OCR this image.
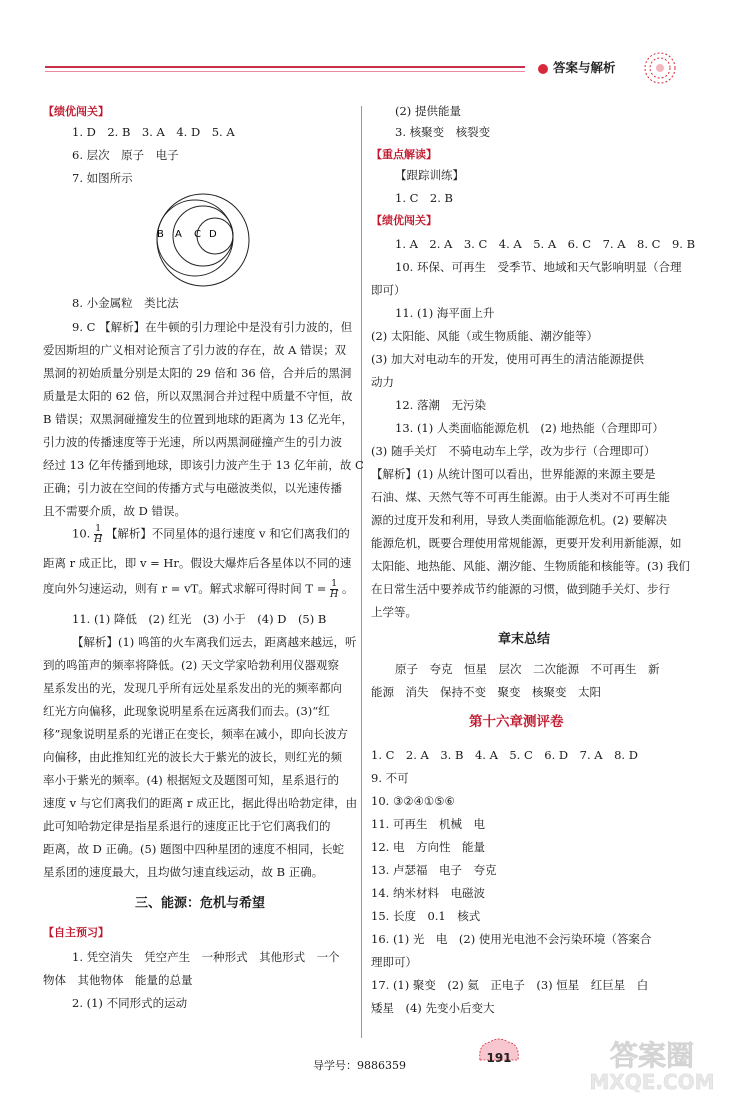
答案与解析
【绩优闯关】
1. D　2. B　3. A　4. D　5. A
6. 层次　原子　电子
7. 如图所示
B A C D
8. 小金属粒　类比法
9. C 【解析】在牛顿的引力理论中是没有引力波的，但
爱因斯坦的广义相对论预言了引力波的存在，故 A 错误；双
黑洞的初始质量分别是太阳的 29 倍和 36 倍，合并后的黑洞
质量是太阳的 62 倍，所以双黑洞合并过程中质量不守恒，故
B 错误；双黑洞碰撞发生的位置到地球的距离为 13 亿光年，
引力波的传播速度等于光速，所以两黑洞碰撞产生的引力波
经过 13 亿年传播到地球，即该引力波产生于 13 亿年前，故 C
正确；引力波在空间的传播方式与电磁波类似，以光速传播
且不需要介质，故 D 错误。
10. $\frac{1}{H}$ 【解析】不同星体的退行速度 v 和它们离我们的
距离 r 成正比，即 v = Hr。假设大爆炸后各星体以不同的速
度向外匀速运动，则有 r = vT。解式求解可得时间 $T = \frac{1}{H}$ 。
11. (1) 降低　(2) 红光　(3) 小于　(4) D　(5) B
【解析】(1) 鸣笛的火车离我们远去，距离越来越远，听
到的鸣笛声的频率将降低。(2) 天文学家哈勃利用仪器观察
星系发出的光，发现几乎所有远处星系发出的光的频率都向
红光方向偏移，此现象说明星系在远离我们而去。(3)“红
移”现象说明星系的光谱正在变长，频率在减小，即向长波方
向偏移，由此推知红光的波长大于紫光的波长，则红光的频
率小于紫光的频率。(4) 根据短文及题图可知，星系退行的
速度 v 与它们离我们的距离 r 成正比，据此得出哈勃定律，由
此可知哈勃定律是指星系退行的速度正比于它们离我们的
距离，故 D 正确。(5) 题图中四种星团的速度不相同，长蛇
星系团的速度最大，且均做匀速直线运动，故 B 正确。
三、能源：危机与希望
【自主预习】
1. 凭空消失　凭空产生　一种形式　其他形式　一个
物体　其他物体　能量的总量
2. (1) 不同形式的运动
(2) 提供能量
3. 核聚变　核裂变
【重点解读】
【跟踪训练】
1. C　2. B
【绩优闯关】
1. A　2. A　3. C　4. A　5. A　6. C　7. A　8. C　9. B
10. 环保、可再生　受季节、地域和天气影响明显（合理
即可）
11. (1) 海平面上升
(2) 太阳能、风能（或生物质能、潮汐能等）
(3) 加大对电动车的开发，使用可再生的清洁能源提供
动力
12. 落潮　无污染
13. (1) 人类面临能源危机　(2) 地热能（合理即可）
(3) 随手关灯　不骑电动车上学，改为步行（合理即可）
【解析】(1) 从统计图可以看出，世界能源的来源主要是
石油、煤、天然气等不可再生能源。由于人类对不可再生能
源的过度开发和利用，导致人类面临能源危机。(2) 要解决
能源危机，既要合理使用常规能源，更要开发利用新能源，如
太阳能、地热能、风能、潮汐能、生物质能和核能等。(3) 我们
在日常生活中要养成节约能源的习惯，做到随手关灯、步行
上学等。
章末总结
原子　夸克　恒星　层次　二次能源　不可再生　新
能源　消失　保持不变　聚变　核聚变　太阳
第十六章测评卷
1. C　2. A　3. B　4. A　5. C　6. D　7. A　8. D
9. 不可
10. ③②④①⑤⑥
11. 可再生　机械　电
12. 电　方向性　能量
13. 卢瑟福　电子　夸克
14. 纳米材料　电磁波
15. 长度　0.1　核式
16. (1) 光　电　(2) 使用光电池不会污染环境（答案合
理即可）
17. (1) 聚变　(2) 氦　正电子　(3) 恒星　红巨星　白
矮星　(4) 先变小后变大
导学号：9886359
191	答案圈
MXQE.COM
